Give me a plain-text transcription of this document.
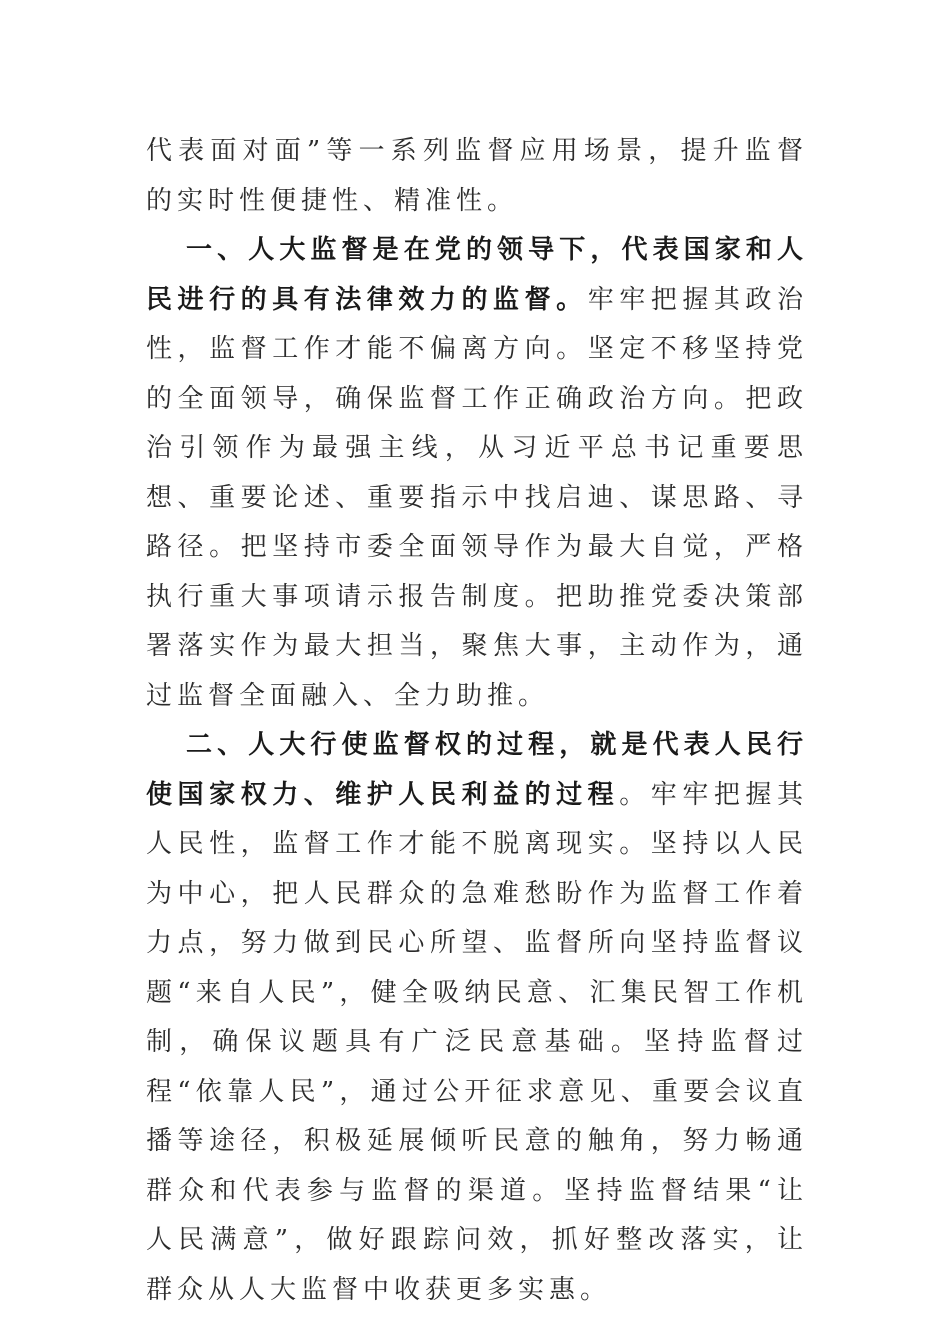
代表面对面”等一系列监督应用场景，提升监督的实时性便捷性、精准性。

一、人大监督是在党的领导下，代表国家和人民进行的具有法律效力的监督。牢牢把握其政治性，监督工作才能不偏离方向。坚定不移坚持党的全面领导，确保监督工作正确政治方向。把政治引领作为最强主线，从习近平总书记重要思想、重要论述、重要指示中找启迪、谋思路、寻路径。把坚持市委全面领导作为最大自觉，严格执行重大事项请示报告制度。把助推党委决策部署落实作为最大担当，聚焦大事，主动作为，通过监督全面融入、全力助推。

二、人大行使监督权的过程，就是代表人民行使国家权力、维护人民利益的过程。牢牢把握其人民性，监督工作才能不脱离现实。坚持以人民为中心，把人民群众的急难愁盼作为监督工作着力点，努力做到民心所望、监督所向坚持监督议题“来自人民”，健全吸纳民意、汇集民智工作机制，确保议题具有广泛民意基础。坚持监督过程“依靠人民”，通过公开征求意见、重要会议直播等途径，积极延展倾听民意的触角，努力畅通群众和代表参与监督的渠道。坚持监督结果“让人民满意”，做好跟踪问效，抓好整改落实，让群众从人大监督中收获更多实惠。
